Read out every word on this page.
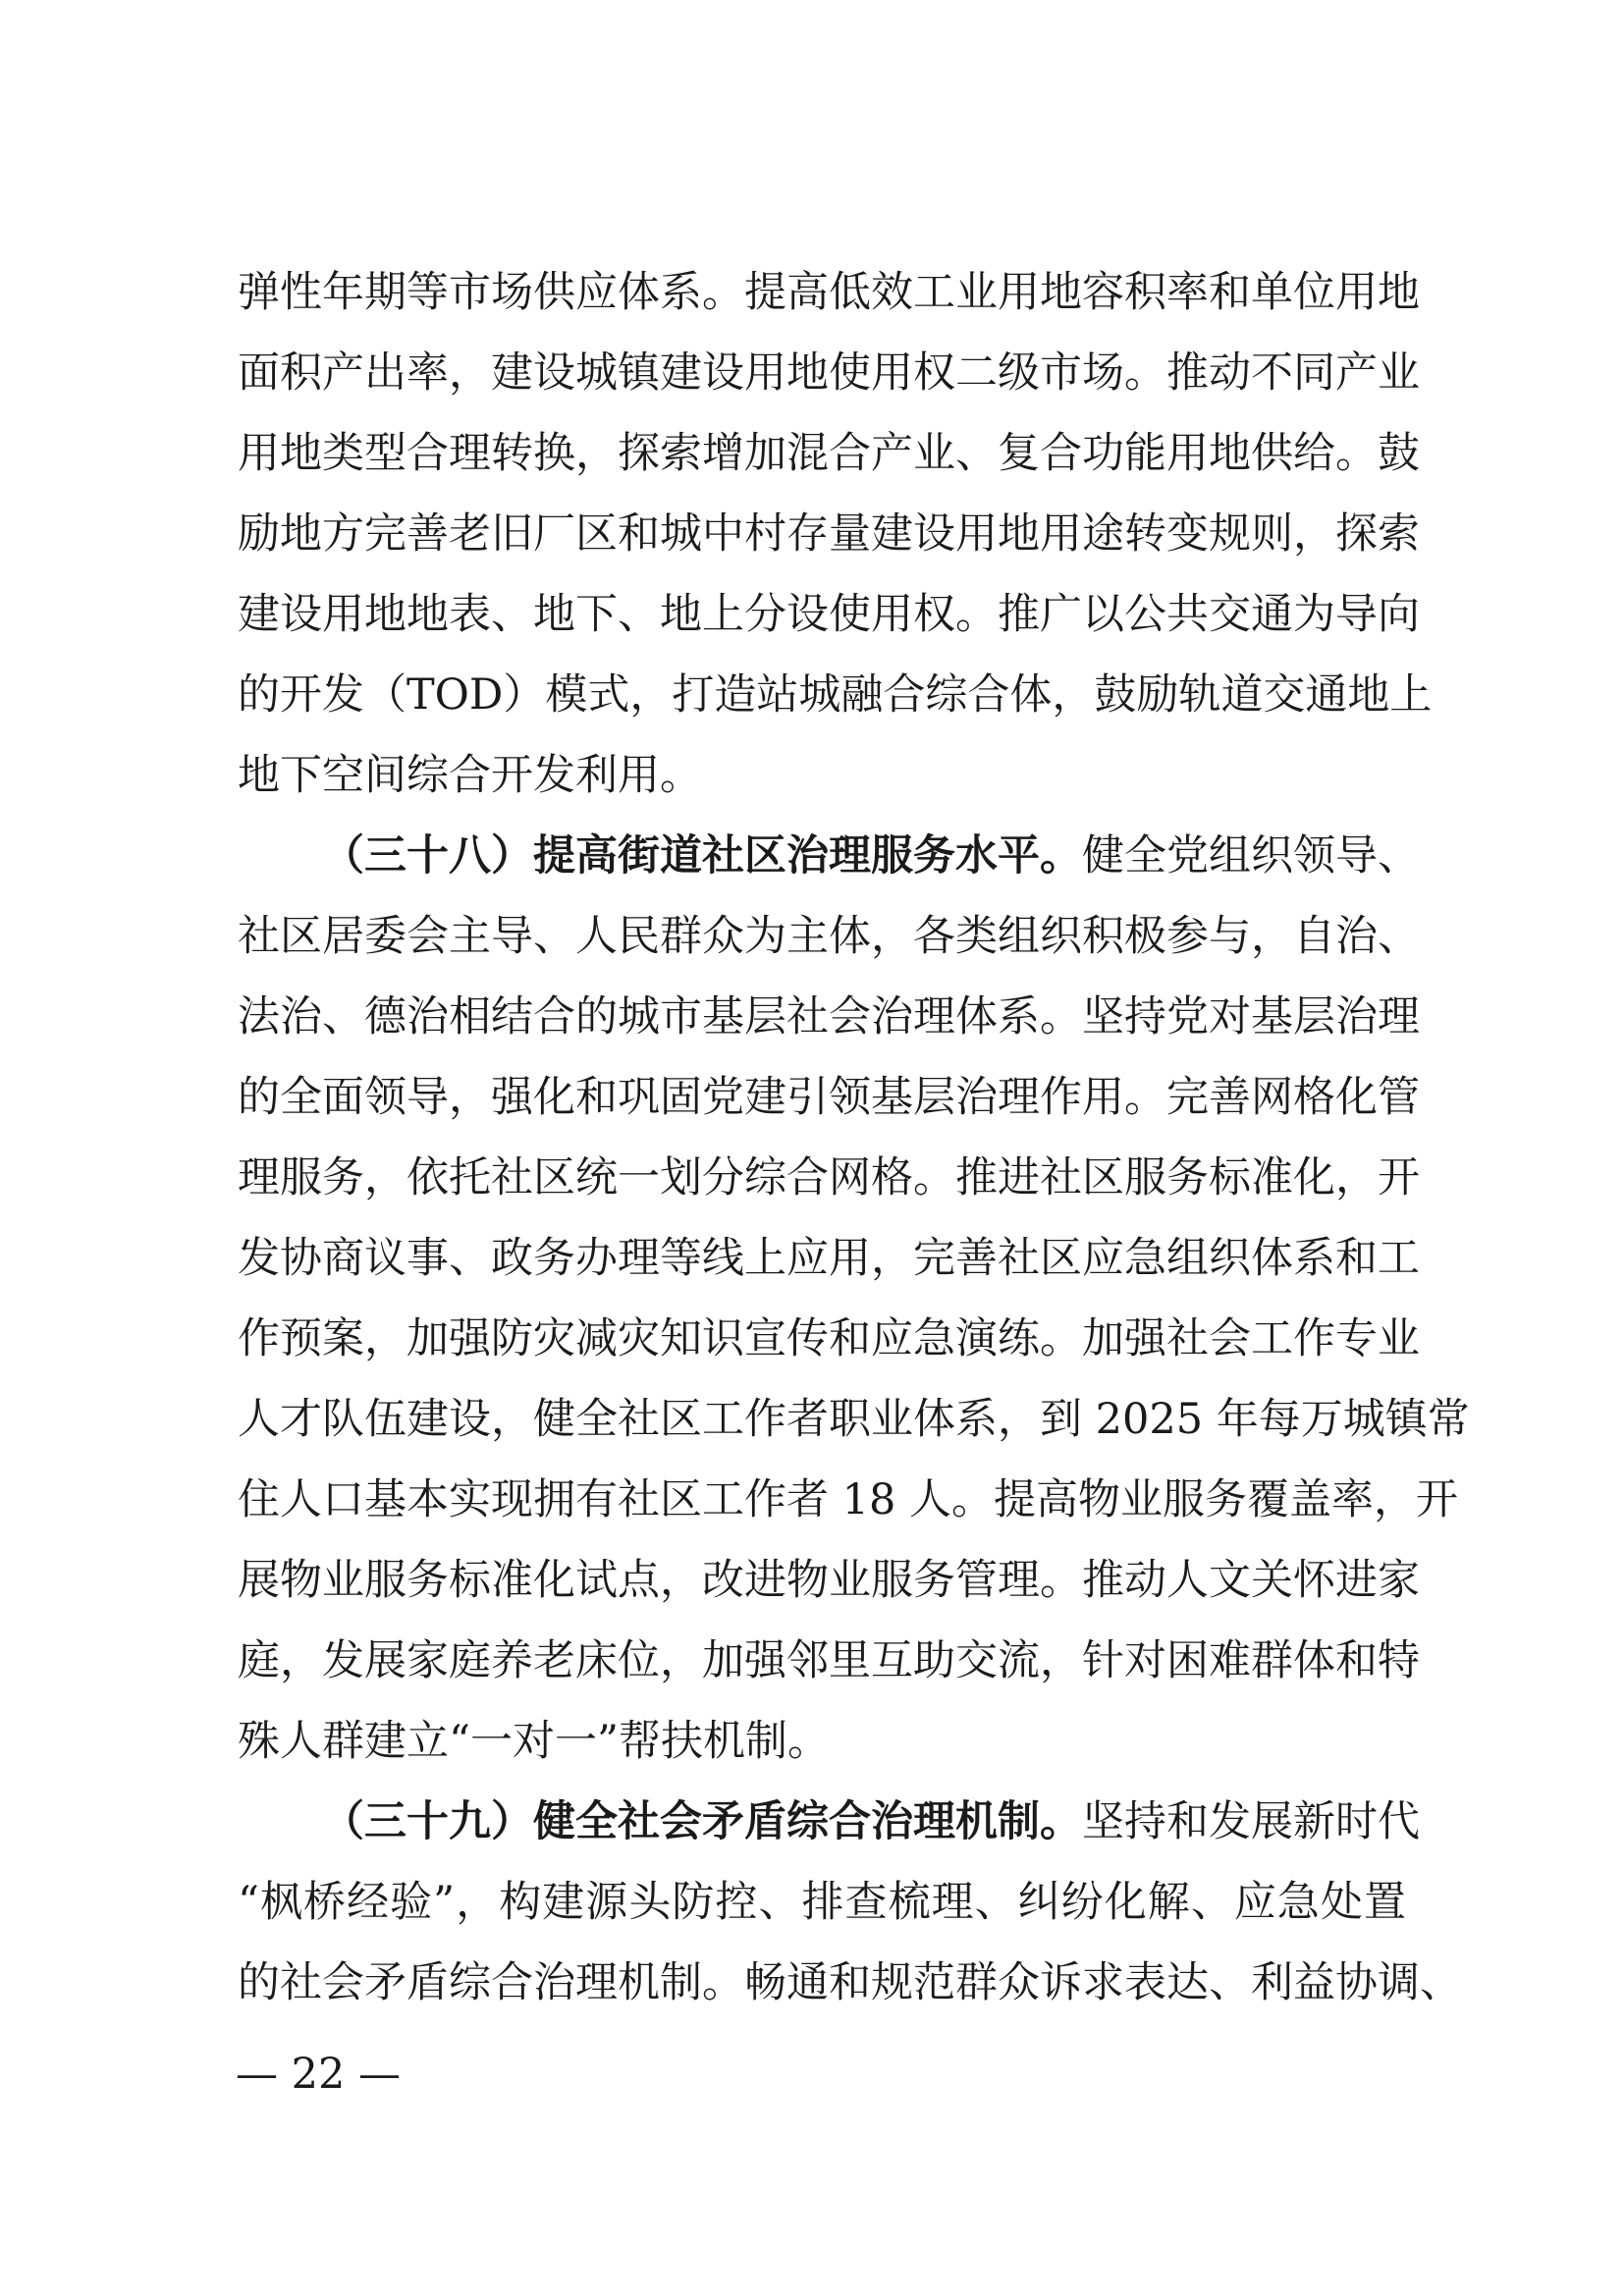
弹性年期等市场供应体系。提高低效工业用地容积率和单位用地
面积产出率，建设城镇建设用地使用权二级市场。推动不同产业
用地类型合理转换，探索增加混合产业、复合功能用地供给。鼓
励地方完善老旧厂区和城中村存量建设用地用途转变规则，探索
建设用地地表、地下、地上分设使用权。推广以公共交通为导向
的开发（TOD）模式，打造站城融合综合体，鼓励轨道交通地上
地下空间综合开发利用。
（三十八）提高街道社区治理服务水平。健全党组织领导、
社区居委会主导、人民群众为主体，各类组织积极参与，自治、
法治、德治相结合的城市基层社会治理体系。坚持党对基层治理
的全面领导，强化和巩固党建引领基层治理作用。完善网格化管
理服务，依托社区统一划分综合网格。推进社区服务标准化，开
发协商议事、政务办理等线上应用，完善社区应急组织体系和工
作预案，加强防灾减灾知识宣传和应急演练。加强社会工作专业
人才队伍建设，健全社区工作者职业体系，到 2025 年每万城镇常
住人口基本实现拥有社区工作者 18 人。提高物业服务覆盖率，开
展物业服务标准化试点，改进物业服务管理。推动人文关怀进家
庭，发展家庭养老床位，加强邻里互助交流，针对困难群体和特
殊人群建立“一对一”帮扶机制。
（三十九）健全社会矛盾综合治理机制。坚持和发展新时代
“枫桥经验”，构建源头防控、排查梳理、纠纷化解、应急处置
的社会矛盾综合治理机制。畅通和规范群众诉求表达、利益协调、
— 22 —
